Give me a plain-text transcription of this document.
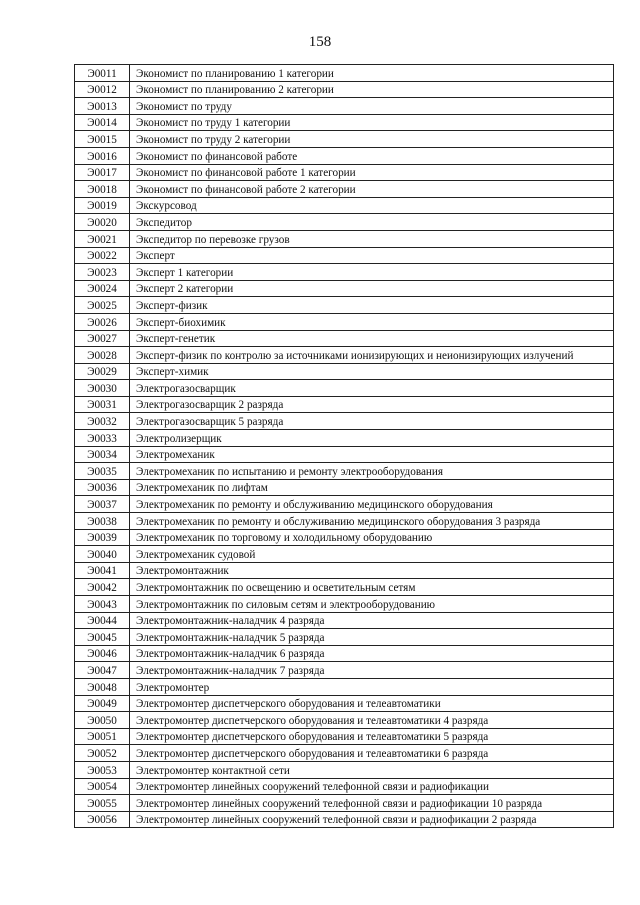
158
Э0011	Экономист по планированию 1 категории
Э0012	Экономист по планированию 2 категории
Э0013	Экономист по труду
Э0014	Экономист по труду 1 категории
Э0015	Экономист по труду 2 категории
Э0016	Экономист по финансовой работе
Э0017	Экономист по финансовой работе 1 категории
Э0018	Экономист по финансовой работе 2 категории
Э0019	Экскурсовод
Э0020	Экспедитор
Э0021	Экспедитор по перевозке грузов
Э0022	Эксперт
Э0023	Эксперт 1 категории
Э0024	Эксперт 2 категории
Э0025	Эксперт-физик
Э0026	Эксперт-биохимик
Э0027	Эксперт-генетик
Э0028	Эксперт-физик по контролю за источниками ионизирующих и неионизирующих излучений
Э0029	Эксперт-химик
Э0030	Электрогазосварщик
Э0031	Электрогазосварщик 2 разряда
Э0032	Электрогазосварщик 5 разряда
Э0033	Электролизерщик
Э0034	Электромеханик
Э0035	Электромеханик по испытанию и ремонту электрооборудования
Э0036	Электромеханик по лифтам
Э0037	Электромеханик по ремонту и обслуживанию медицинского оборудования
Э0038	Электромеханик по ремонту и обслуживанию медицинского оборудования 3 разряда
Э0039	Электромеханик по торговому и холодильному оборудованию
Э0040	Электромеханик судовой
Э0041	Электромонтажник
Э0042	Электромонтажник по освещению и осветительным сетям
Э0043	Электромонтажник по силовым сетям и электрооборудованию
Э0044	Электромонтажник-наладчик 4 разряда
Э0045	Электромонтажник-наладчик 5 разряда
Э0046	Электромонтажник-наладчик 6 разряда
Э0047	Электромонтажник-наладчик 7 разряда
Э0048	Электромонтер
Э0049	Электромонтер диспетчерского оборудования и телеавтоматики
Э0050	Электромонтер диспетчерского оборудования и телеавтоматики 4 разряда
Э0051	Электромонтер диспетчерского оборудования и телеавтоматики 5 разряда
Э0052	Электромонтер диспетчерского оборудования и телеавтоматики 6 разряда
Э0053	Электромонтер контактной сети
Э0054	Электромонтер линейных сооружений телефонной связи и радиофикации
Э0055	Электромонтер линейных сооружений телефонной связи и радиофикации 10 разряда
Э0056	Электромонтер линейных сооружений телефонной связи и радиофикации 2 разряда
